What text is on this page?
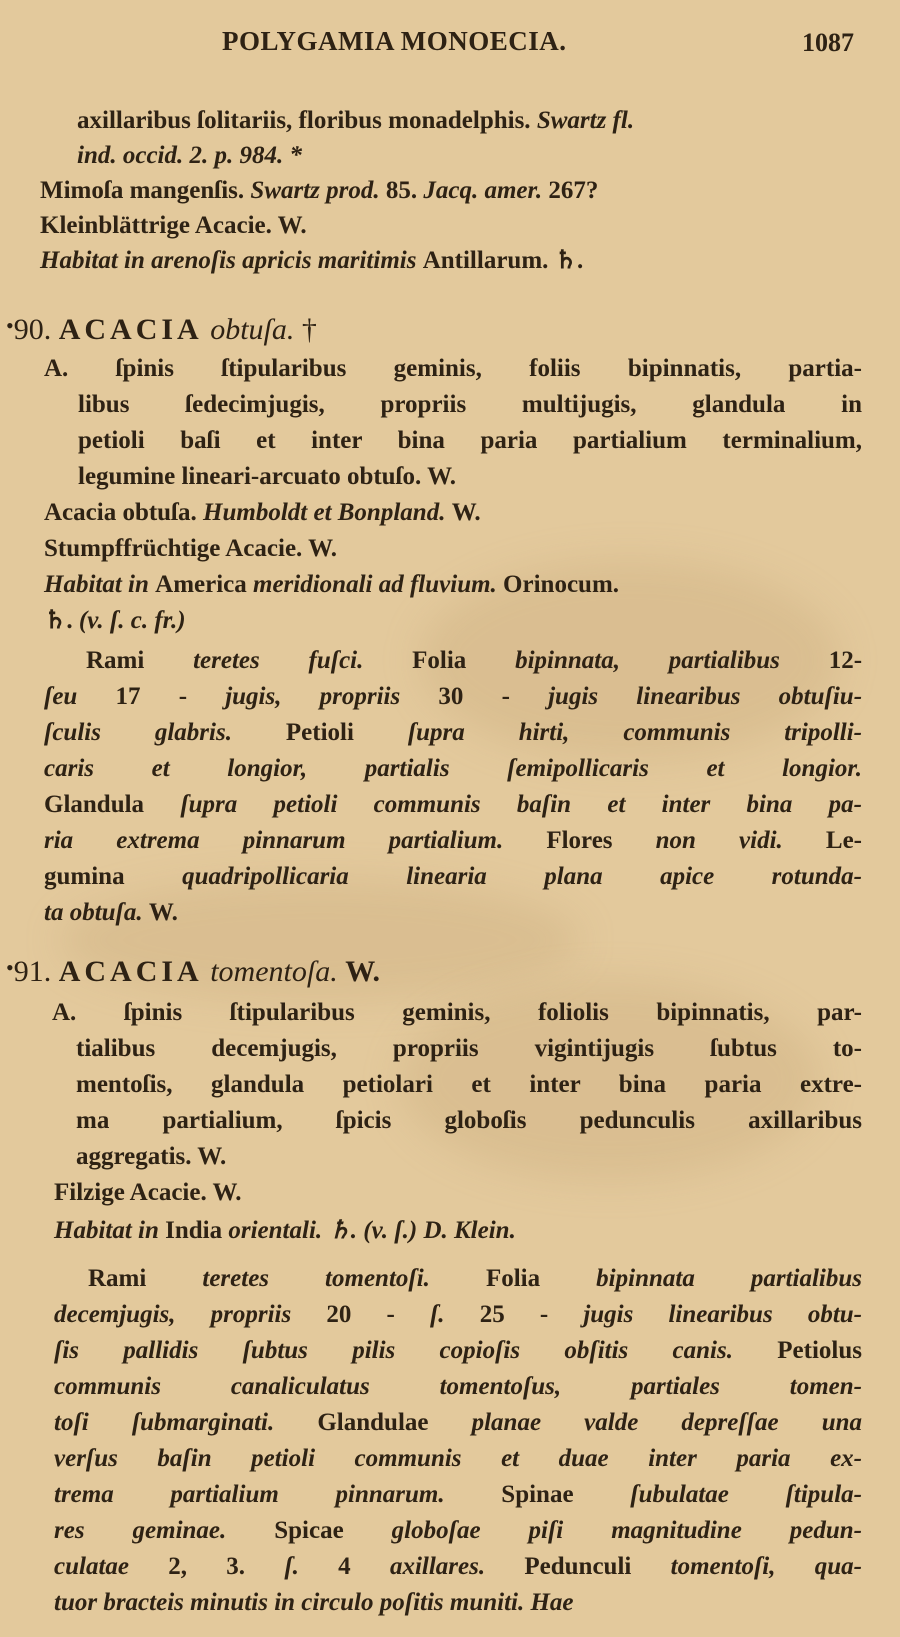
POLYGAMIA MONOECIA.	1087
axillaribus ſolitariis, floribus monadelphis. Swartz fl.
ind. occid. 2. p. 984. *
Mimoſa mangenſis. Swartz prod. 85. Jacq. amer. 267?
Kleinblättrige Acacie. W.
Habitat in arenoſis apricis maritimis Antillarum. ♄.
•90. ACACIA obtuſa. †
A. ſpinis ſtipularibus geminis, foliis bipinnatis, partia-
libus ſedecimjugis, propriis multijugis, glandula in
petioli baſi et inter bina paria partialium terminalium,
legumine lineari-arcuato obtuſo. W.
Acacia obtuſa. Humboldt et Bonpland. W.
Stumpffrüchtige Acacie. W.
Habitat in America meridionali ad fluvium. Orinocum.
♄. (v. ſ. c. fr.)
Rami teretes fuſci. Folia bipinnata, partialibus 12-
ſeu 17 - jugis, propriis 30 - jugis linearibus obtuſiu-
ſculis glabris. Petioli ſupra hirti, communis tripolli-
caris et longior, partialis ſemipollicaris et longior.
Glandula ſupra petioli communis baſin et inter bina pa-
ria extrema pinnarum partialium. Flores non vidi. Le-
gumina quadripollicaria linearia plana apice rotunda-
ta obtuſa. W.
•91. ACACIA tomentoſa. W.
A. ſpinis ſtipularibus geminis, foliolis bipinnatis, par-
tialibus decemjugis, propriis vigintijugis ſubtus to-
mentoſis, glandula petiolari et inter bina paria extre-
ma partialium, ſpicis globoſis pedunculis axillaribus
aggregatis. W.
Filzige Acacie. W.
Habitat in India orientali. ♄. (v. ſ.) D. Klein.
Rami teretes tomentoſi. Folia bipinnata partialibus
decemjugis, propriis 20 - ſ. 25 - jugis linearibus obtu-
ſis pallidis ſubtus pilis copioſis obſitis canis. Petiolus
communis canaliculatus tomentoſus, partiales tomen-
toſi ſubmarginati. Glandulae planae valde depreſſae una
verſus baſin petioli communis et duae inter paria ex-
trema partialium pinnarum. Spinae ſubulatae ſtipula-
res geminae. Spicae globoſae piſi magnitudine pedun-
culatae 2, 3. ſ. 4 axillares. Pedunculi tomentoſi, qua-
tuor bracteis minutis in circulo poſitis muniti. Hae
